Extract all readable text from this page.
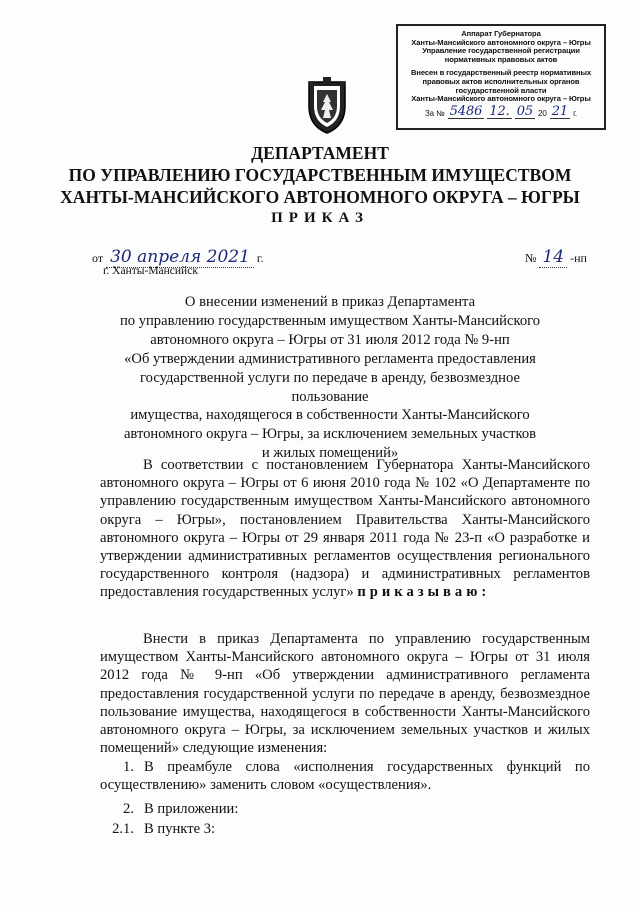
Аппарат Губернатора
Ханты-Мансийского автономного округа – Югры
Управление государственной регистрации
нормативных правовых актов
Внесен в государственный реестр нормативных
правовых актов исполнительных органов
государственной власти
Ханты-Мансийского автономного округа – Югры
За № 5486 12. 05 20 21 г.
ДЕПАРТАМЕНТ
ПО УПРАВЛЕНИЮ ГОСУДАРСТВЕННЫМ ИМУЩЕСТВОМ
ХАНТЫ-МАНСИЙСКОГО АВТОНОМНОГО ОКРУГА – ЮГРЫ
ПРИКАЗ
от 30 апреля 2021 г.	№ 14 -нп
г. Ханты-Мансийск
О внесении изменений в приказ Департамента
по управлению государственным имуществом Ханты-Мансийского
автономного округа – Югры от 31 июля 2012 года № 9-нп
«Об утверждении административного регламента предоставления
государственной услуги по передаче в аренду, безвозмездное пользование
имущества, находящегося в собственности Ханты-Мансийского
автономного округа – Югры, за исключением земельных участков
и жилых помещений»
В соответствии с постановлением Губернатора Ханты-Мансийского автономного округа – Югры от 6 июня 2010 года № 102 «О Департаменте по управлению государственным имуществом Ханты-Мансийского автономного округа – Югры», постановлением Правительства Ханты-Мансийского автономного округа – Югры от 29 января 2011 года № 23-п «О разработке и утверждении административных регламентов осуществления регионального государственного контроля (надзора) и административных регламентов предоставления государственных услуг» приказываю:
Внести в приказ Департамента по управлению государственным имуществом Ханты-Мансийского автономного округа – Югры от 31 июля 2012 года № 9-нп «Об утверждении административного регламента предоставления государственной услуги по передаче в аренду, безвозмездное пользование имущества, находящегося в собственности Ханты-Мансийского автономного округа – Югры, за исключением земельных участков и жилых помещений» следующие изменения:
1. В преамбуле слова «исполнения государственных функций по осуществлению» заменить словом «осуществления».
2. В приложении:
2.1. В пункте 3:
